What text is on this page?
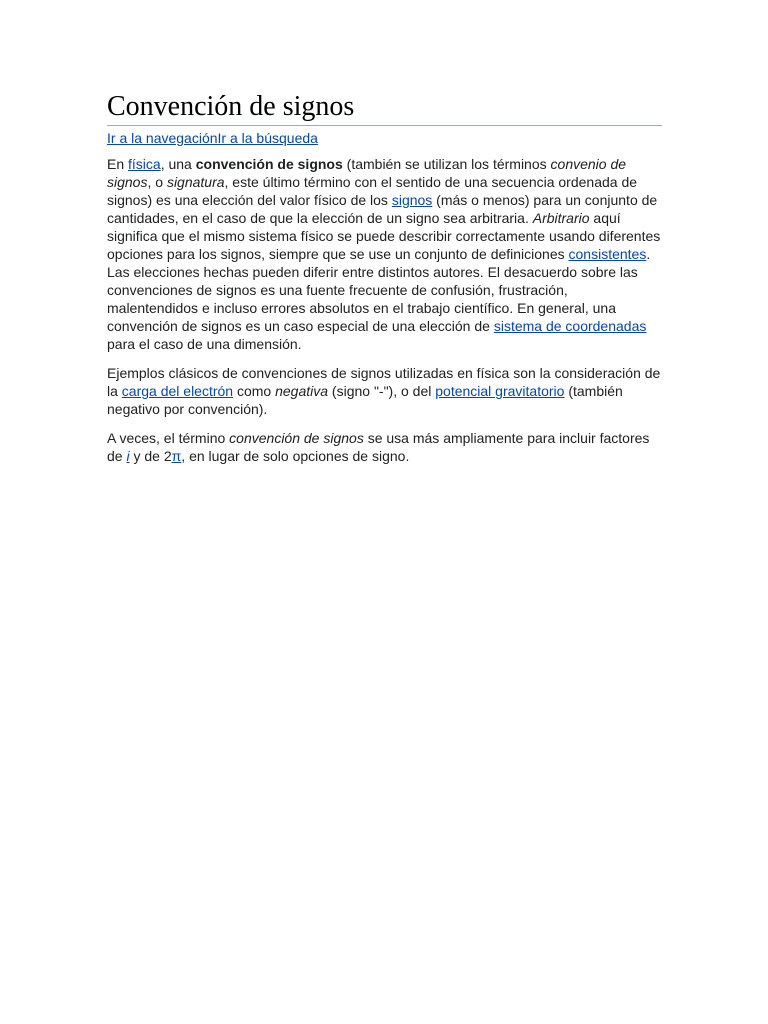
Convención de signos
Ir a la navegaciónIr a la búsqueda

En física, una convención de signos (también se utilizan los términos convenio de signos, o signatura, este último término con el sentido de una secuencia ordenada de signos) es una elección del valor físico de los signos (más o menos) para un conjunto de cantidades, en el caso de que la elección de un signo sea arbitraria. Arbitrario aquí significa que el mismo sistema físico se puede describir correctamente usando diferentes opciones para los signos, siempre que se use un conjunto de definiciones consistentes. Las elecciones hechas pueden diferir entre distintos autores. El desacuerdo sobre las convenciones de signos es una fuente frecuente de confusión, frustración, malentendidos e incluso errores absolutos en el trabajo científico. En general, una convención de signos es un caso especial de una elección de sistema de coordenadas para el caso de una dimensión.

Ejemplos clásicos de convenciones de signos utilizadas en física son la consideración de la carga del electrón como negativa (signo "-"), o del potencial gravitatorio (también negativo por convención).

A veces, el término convención de signos se usa más ampliamente para incluir factores de i y de 2π, en lugar de solo opciones de signo.
